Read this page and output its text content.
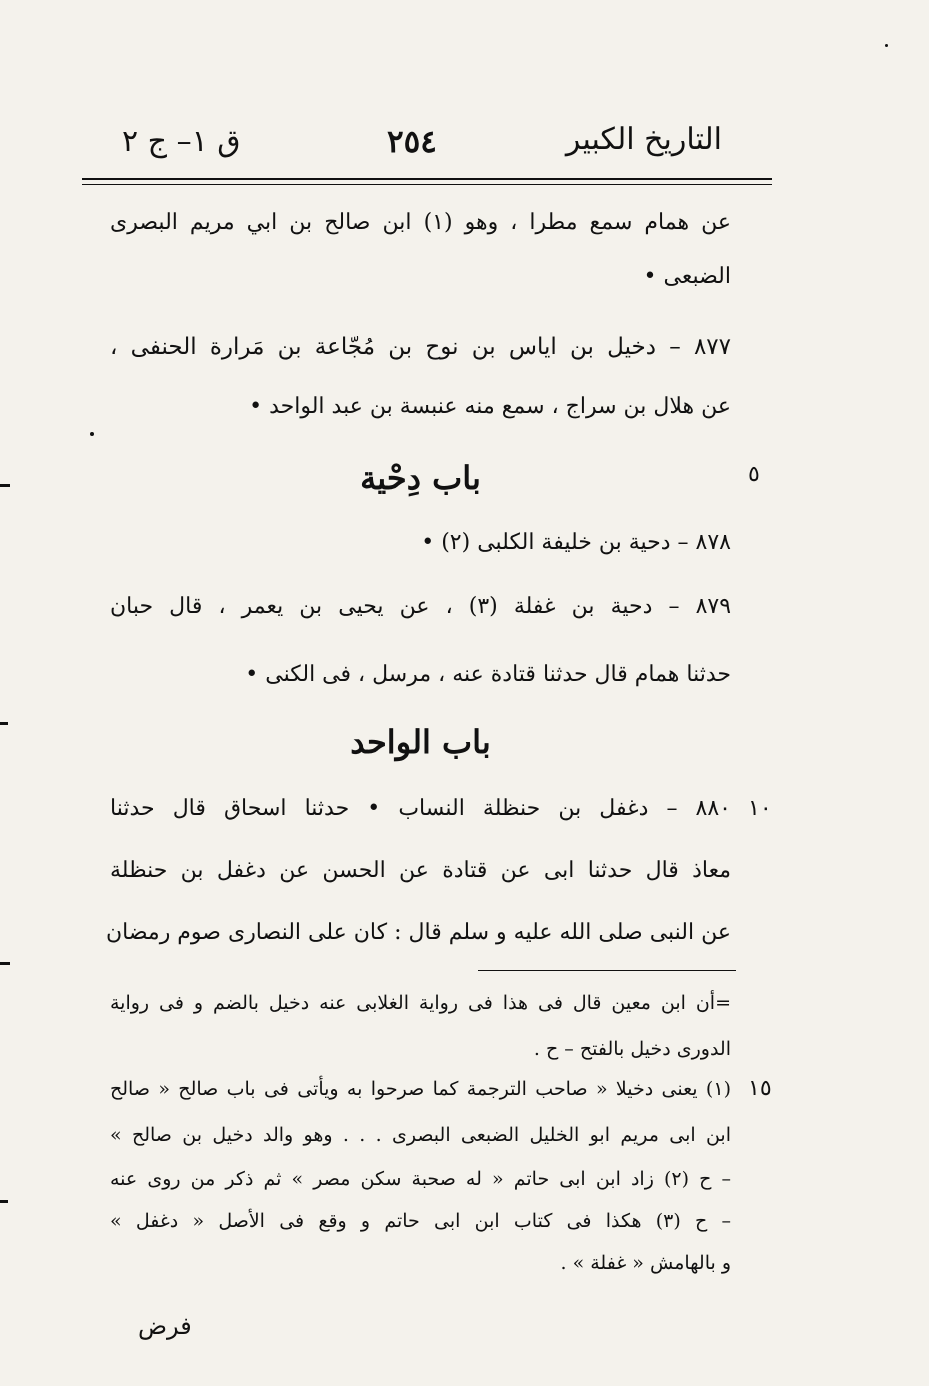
التاريخ الكبير
٢٥٤
ق ١– ج ٢
عن همام سمع مطرا ، وهو (١) ابن صالح بن ابي مريم البصرى
الضبعى •
٨٧٧ – دخيل بن اياس بن نوح بن مُجّاعة بن مَرارة الحنفى ،
عن هلال بن سراج ، سمع منه عنبسة بن عبد الواحد •
باب دِحْية	٥
٨٧٨ – دحية بن خليفة الكلبى (٢) •
٨٧٩ – دحية بن غفلة (٣) ، عن يحيى بن يعمر ، قال حبان
حدثنا همام قال حدثنا قتادة عنه ، مرسل ، فى الكنى •
باب الواحد
٨٨٠ – دغفل بن حنظلة النساب • حدثنا اسحاق قال حدثنا ١٠
معاذ قال حدثنا ابى عن قتادة عن الحسن عن دغفل بن حنظلة
عن النبى صلى الله عليه و سلم قال : كان على النصارى صوم رمضان
=أن ابن معين قال فى هذا فى رواية الغلابى عنه دخيل بالضم و فى رواية
الدورى دخيل بالفتح – ح .
(١) يعنى دخيلا « صاحب الترجمة كما صرحوا به ويأتى فى باب صالح « صالح ١٥
ابن ابى مريم ابو الخليل الضبعى البصرى . . . وهو والد دخيل بن صالح »
– ح (٢) زاد ابن ابى حاتم « له صحبة سكن مصر » ثم ذكر من روى عنه
– ح (٣) هكذا فى كتاب ابن ابى حاتم و وقع فى الأصل « دغفل »
و بالهامش « غفلة » .
فرض
